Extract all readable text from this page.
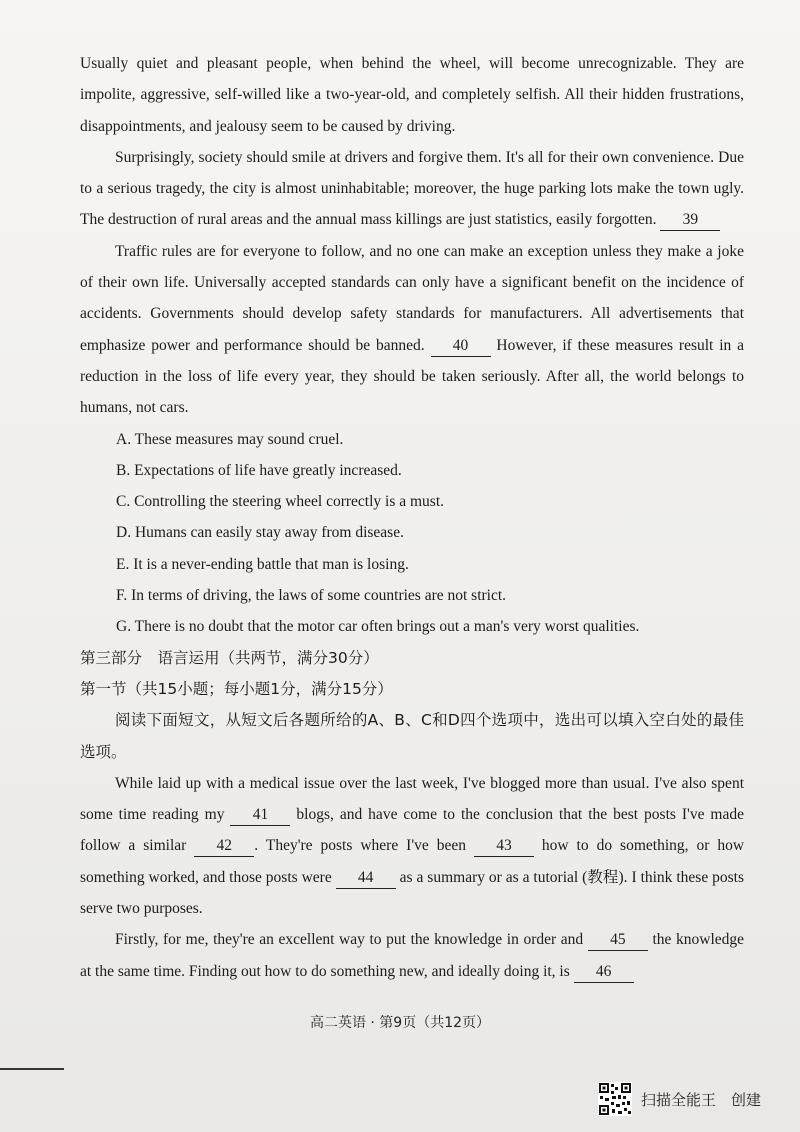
Usually quiet and pleasant people, when behind the wheel, will become unrecognizable. They are impolite, aggressive, self-willed like a two-year-old, and completely selfish. All their hidden frustrations, disappointments, and jealousy seem to be caused by driving.

Surprisingly, society should smile at drivers and forgive them. It's all for their own convenience. Due to a serious tragedy, the city is almost uninhabitable; moreover, the huge parking lots make the town ugly. The destruction of rural areas and the annual mass killings are just statistics, easily forgotten. 39

Traffic rules are for everyone to follow, and no one can make an exception unless they make a joke of their own life. Universally accepted standards can only have a significant benefit on the incidence of accidents. Governments should develop safety standards for manufacturers. All advertisements that emphasize power and performance should be banned. 40 However, if these measures result in a reduction in the loss of life every year, they should be taken seriously. After all, the world belongs to humans, not cars.

A. These measures may sound cruel.

B. Expectations of life have greatly increased.

C. Controlling the steering wheel correctly is a must.

D. Humans can easily stay away from disease.

E. It is a never-ending battle that man is losing.

F. In terms of driving, the laws of some countries are not strict.

G. There is no doubt that the motor car often brings out a man's very worst qualities.

第三部分　语言运用（共两节，满分30分）

第一节（共15小题；每小题1分，满分15分）

阅读下面短文，从短文后各题所给的A、B、C和D四个选项中，选出可以填入空白处的最佳选项。

While laid up with a medical issue over the last week, I've blogged more than usual. I've also spent some time reading my 41 blogs, and have come to the conclusion that the best posts I've made follow a similar 42 . They're posts where I've been 43 how to do something, or how something worked, and those posts were 44 as a summary or as a tutorial (教程). I think these posts serve two purposes.

Firstly, for me, they're an excellent way to put the knowledge in order and 45 the knowledge at the same time. Finding out how to do something new, and ideally doing it, is 46

高二英语 · 第9页（共12页）
扫描全能王　创建
